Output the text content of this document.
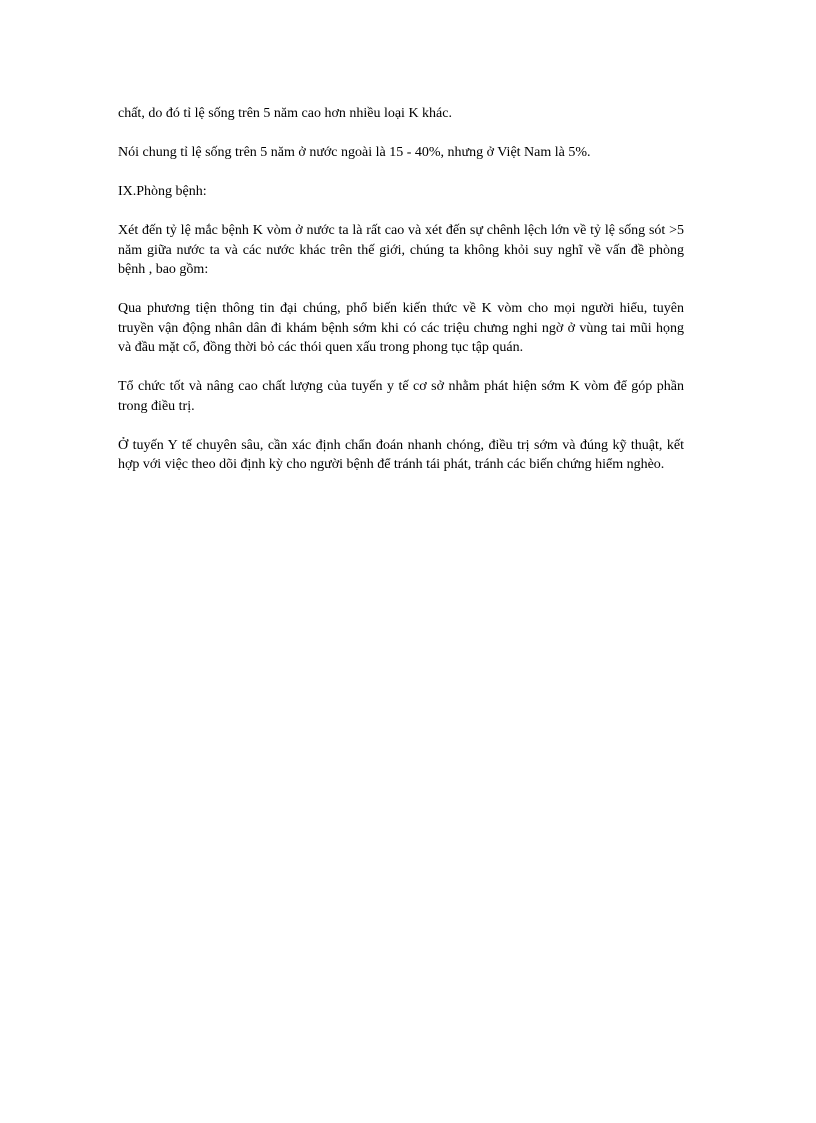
chất, do đó tỉ lệ sống trên 5 năm cao hơn nhiều loại K khác.

Nói chung tỉ lệ sống trên 5 năm ở nước ngoài là 15 - 40%, nhưng ở Việt Nam là 5%.

IX.Phòng bệnh:

Xét đến tỷ lệ mắc bệnh K vòm ở nước ta là rất cao và xét đến sự chênh lệch lớn về tỷ lệ sống sót >5 năm giữa nước ta và các nước khác trên thế giới, chúng ta không khỏi suy nghĩ về vấn đề phòng bệnh , bao gồm:

Qua phương tiện thông tin đại chúng, phổ biến kiến thức về K vòm cho mọi người hiểu, tuyên truyền vận động nhân dân đi khám bệnh sớm khi có các triệu chưng nghi ngờ ở vùng tai mũi họng và đầu mặt cổ, đồng thời bỏ các thói quen xấu trong phong tục tập quán.

Tổ chức tốt và nâng cao chất lượng của tuyến y tế cơ sở nhằm phát hiện sớm K vòm để góp phần trong điều trị.

Ở tuyến Y tế chuyên sâu, cần xác định chẩn đoán nhanh chóng, điều trị sớm và đúng kỹ thuật, kết hợp với việc theo dõi định kỳ cho người bệnh để tránh tái phát, tránh các biến chứng hiểm nghèo.
